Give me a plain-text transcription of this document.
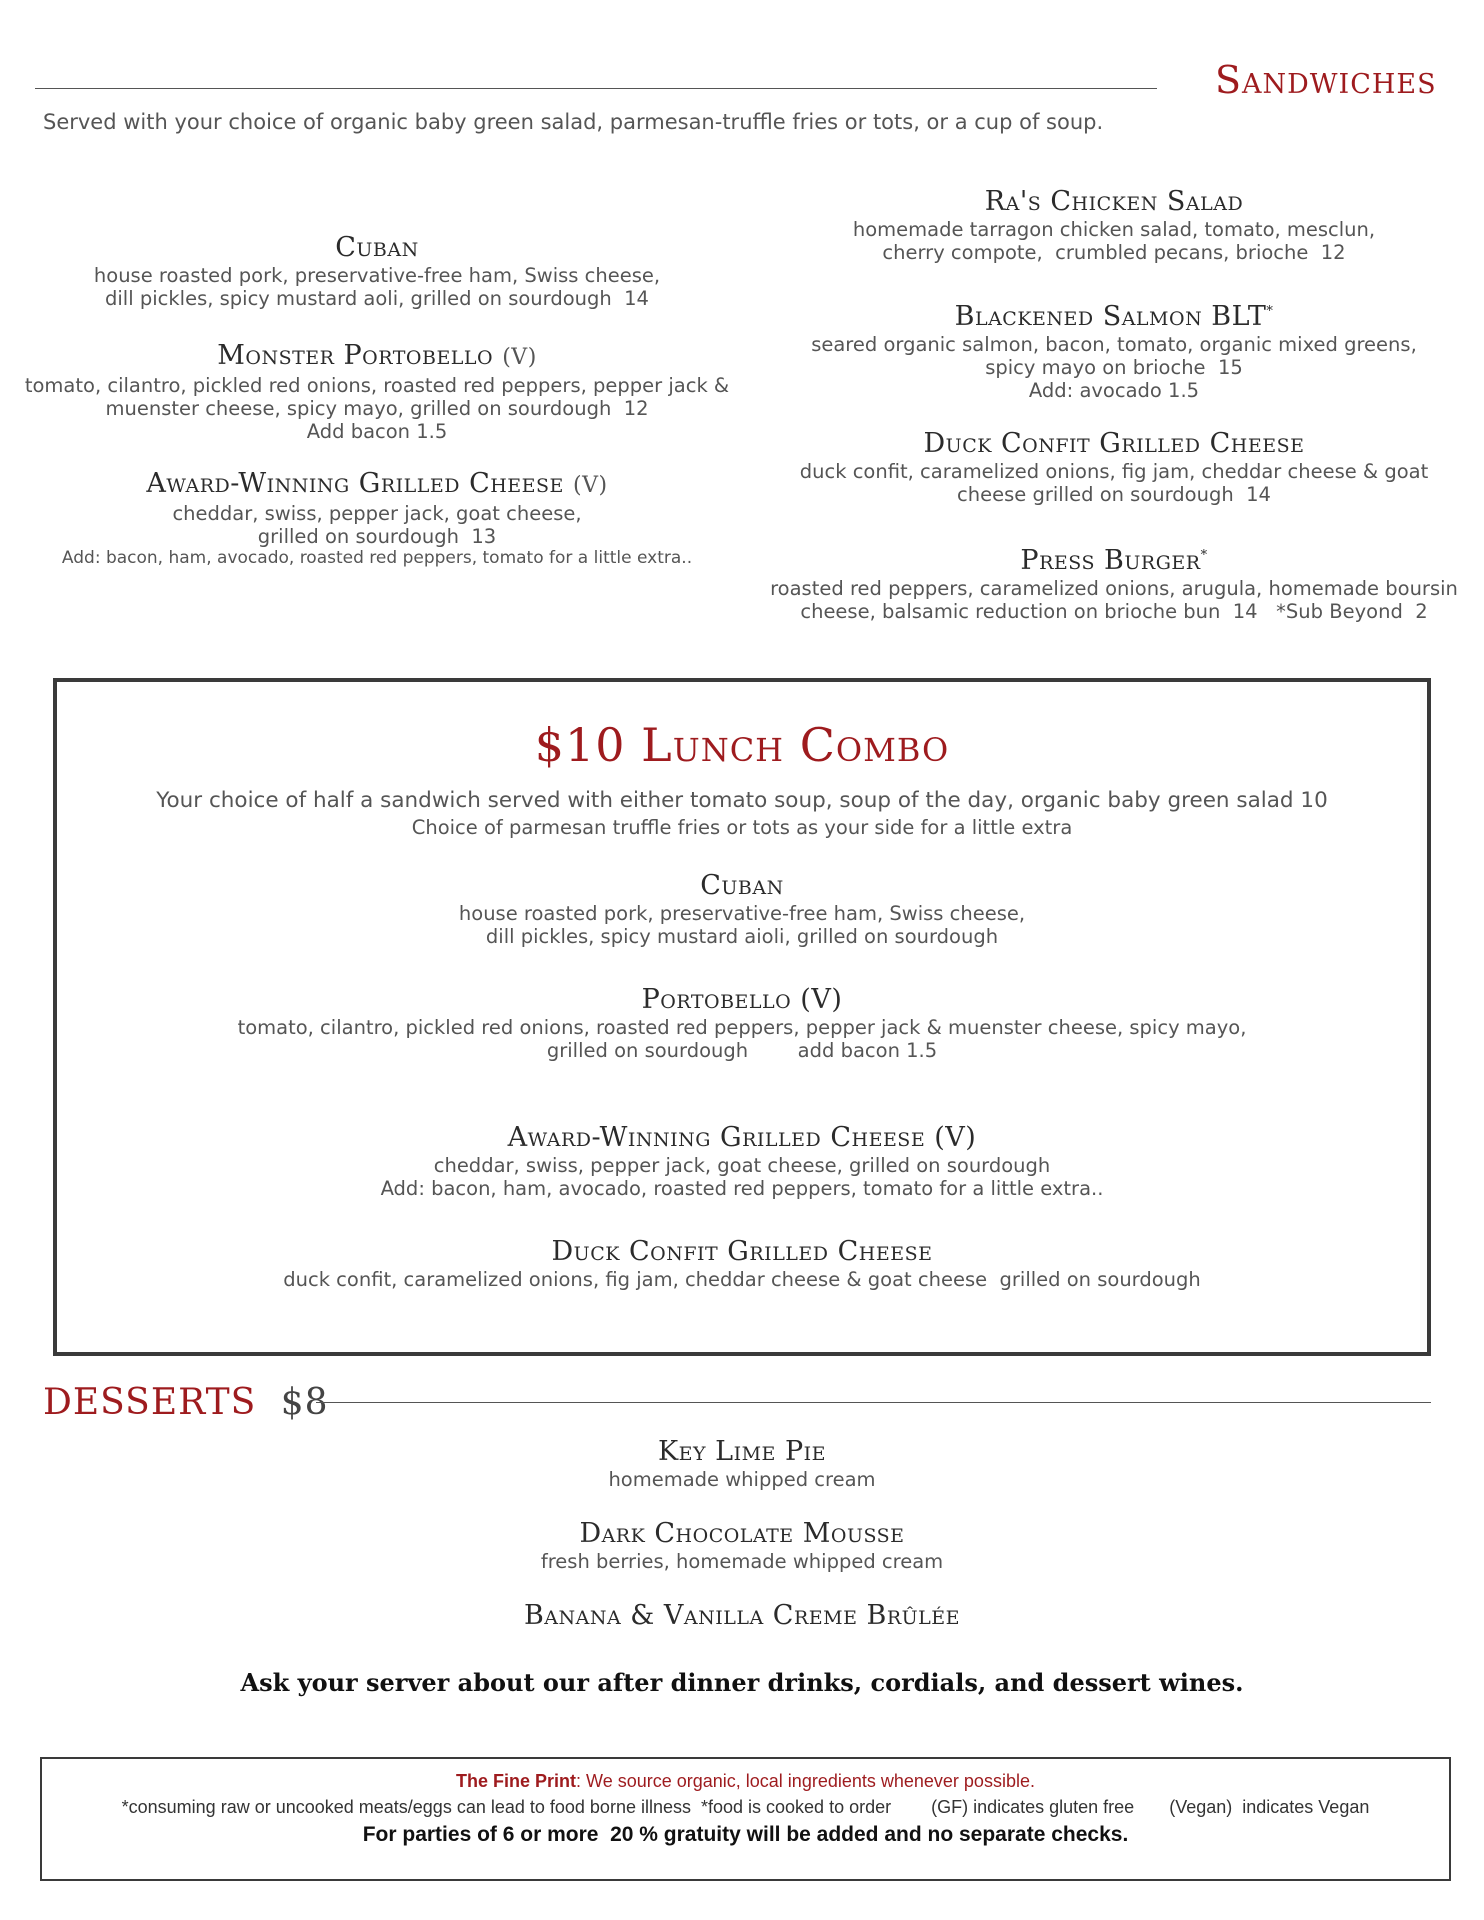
Sandwiches
Served with your choice of organic baby green salad, parmesan-truffle fries or tots, or a cup of soup.
Cuban
house roasted pork, preservative-free ham, Swiss cheese,
dill pickles, spicy mustard aoli, grilled on sourdough  14
Monster Portobello (V)
tomato, cilantro, pickled red onions, roasted red peppers, pepper jack &
muenster cheese, spicy mayo, grilled on sourdough  12
Add bacon 1.5
Award-Winning Grilled Cheese (V)
cheddar, swiss, pepper jack, goat cheese,
grilled on sourdough  13
Add: bacon, ham, avocado, roasted red peppers, tomato for a little extra..
Ra's Chicken Salad
homemade tarragon chicken salad, tomato, mesclun,
cherry compote,  crumbled pecans, brioche  12
Blackened Salmon BLT*
seared organic salmon, bacon, tomato, organic mixed greens,
spicy mayo on brioche  15
Add: avocado 1.5
Duck Confit Grilled Cheese
duck confit, caramelized onions, fig jam, cheddar cheese & goat
cheese grilled on sourdough  14
Press Burger*
roasted red peppers, caramelized onions, arugula, homemade boursin
cheese, balsamic reduction on brioche bun  14   *Sub Beyond  2
$10 Lunch Combo
Your choice of half a sandwich served with either tomato soup, soup of the day, organic baby green salad 10
Choice of parmesan truffle fries or tots as your side for a little extra
Cuban
house roasted pork, preservative-free ham, Swiss cheese,
dill pickles, spicy mustard aioli, grilled on sourdough
Portobello (V)
tomato, cilantro, pickled red onions, roasted red peppers, pepper jack & muenster cheese, spicy mayo,
grilled on sourdough        add bacon 1.5
Award-Winning Grilled Cheese (V)
cheddar, swiss, pepper jack, goat cheese, grilled on sourdough
Add: bacon, ham, avocado, roasted red peppers, tomato for a little extra..
Duck Confit Grilled Cheese
duck confit, caramelized onions, fig jam, cheddar cheese & goat cheese  grilled on sourdough
DESSERTS $8
Key Lime Pie
homemade whipped cream
Dark Chocolate Mousse
fresh berries, homemade whipped cream
Banana & Vanilla Creme Brûlée
Ask your server about our after dinner drinks, cordials, and dessert wines.
The Fine Print: We source organic, local ingredients whenever possible.
*consuming raw or uncooked meats/eggs can lead to food borne illness  *food is cooked to order        (GF) indicates gluten free       (Vegan)  indicates Vegan
For parties of 6 or more  20 % gratuity will be added and no separate checks.
